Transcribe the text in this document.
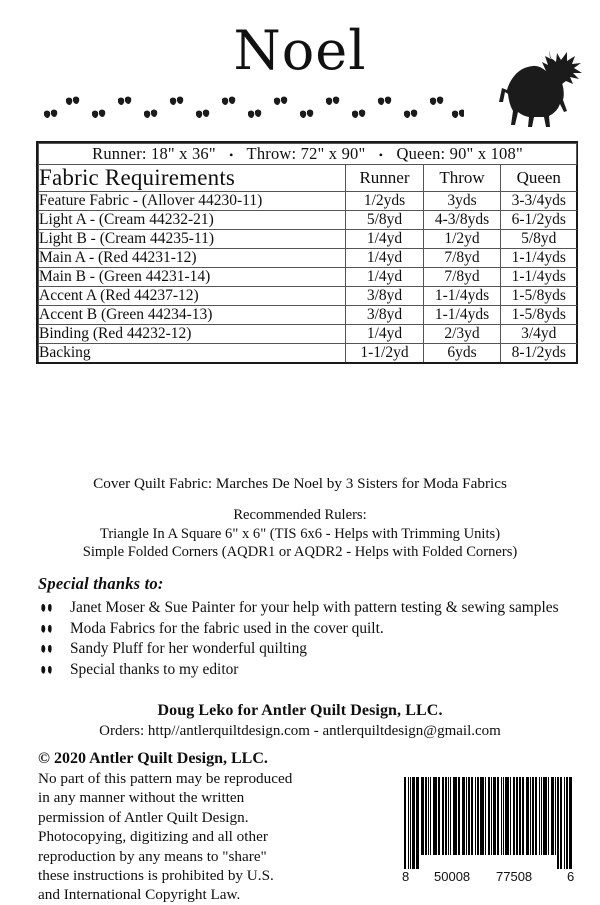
Noel
Runner: 18" x 36" • Throw: 72" x 90" • Queen: 90" x 108"			
Fabric Requirements	Runner	Throw	Queen
Feature Fabric - (Allover 44230-11)	1/2yds	3yds	3-3/4yds
Light A - (Cream 44232-21)	5/8yd	4-3/8yds	6-1/2yds
Light B - (Cream 44235-11)	1/4yd	1/2yd	5/8yd
Main A - (Red 44231-12)	1/4yd	7/8yd	1-1/4yds
Main B - (Green 44231-14)	1/4yd	7/8yd	1-1/4yds
Accent A (Red 44237-12)	3/8yd	1-1/4yds	1-5/8yds
Accent B (Green 44234-13)	3/8yd	1-1/4yds	1-5/8yds
Binding (Red 44232-12)	1/4yd	2/3yd	3/4yd
Backing	1-1/2yd	6yds	8-1/2yds
Cover Quilt Fabric: Marches De Noel by 3 Sisters for Moda Fabrics
Recommended Rulers:
Triangle In A Square 6" x 6" (TIS 6x6 - Helps with Trimming Units)
Simple Folded Corners (AQDR1 or AQDR2 - Helps with Folded Corners)
Special thanks to:
Janet Moser & Sue Painter for your help with pattern testing & sewing samples
Moda Fabrics for the fabric used in the cover quilt.
Sandy Pluff for her wonderful quilting
Special thanks to my editor
Doug Leko for Antler Quilt Design, LLC.
Orders: http//antlerquiltdesign.com - antlerquiltdesign@gmail.com
© 2020 Antler Quilt Design, LLC.

No part of this pattern may be reproduced

in any manner without the written

permission of Antler Quilt Design.

Photocopying, digitizing and all other

reproduction by any means to "share"

these instructions is prohibited by U.S.

and International Copyright Law.

8 50008 77508	6
